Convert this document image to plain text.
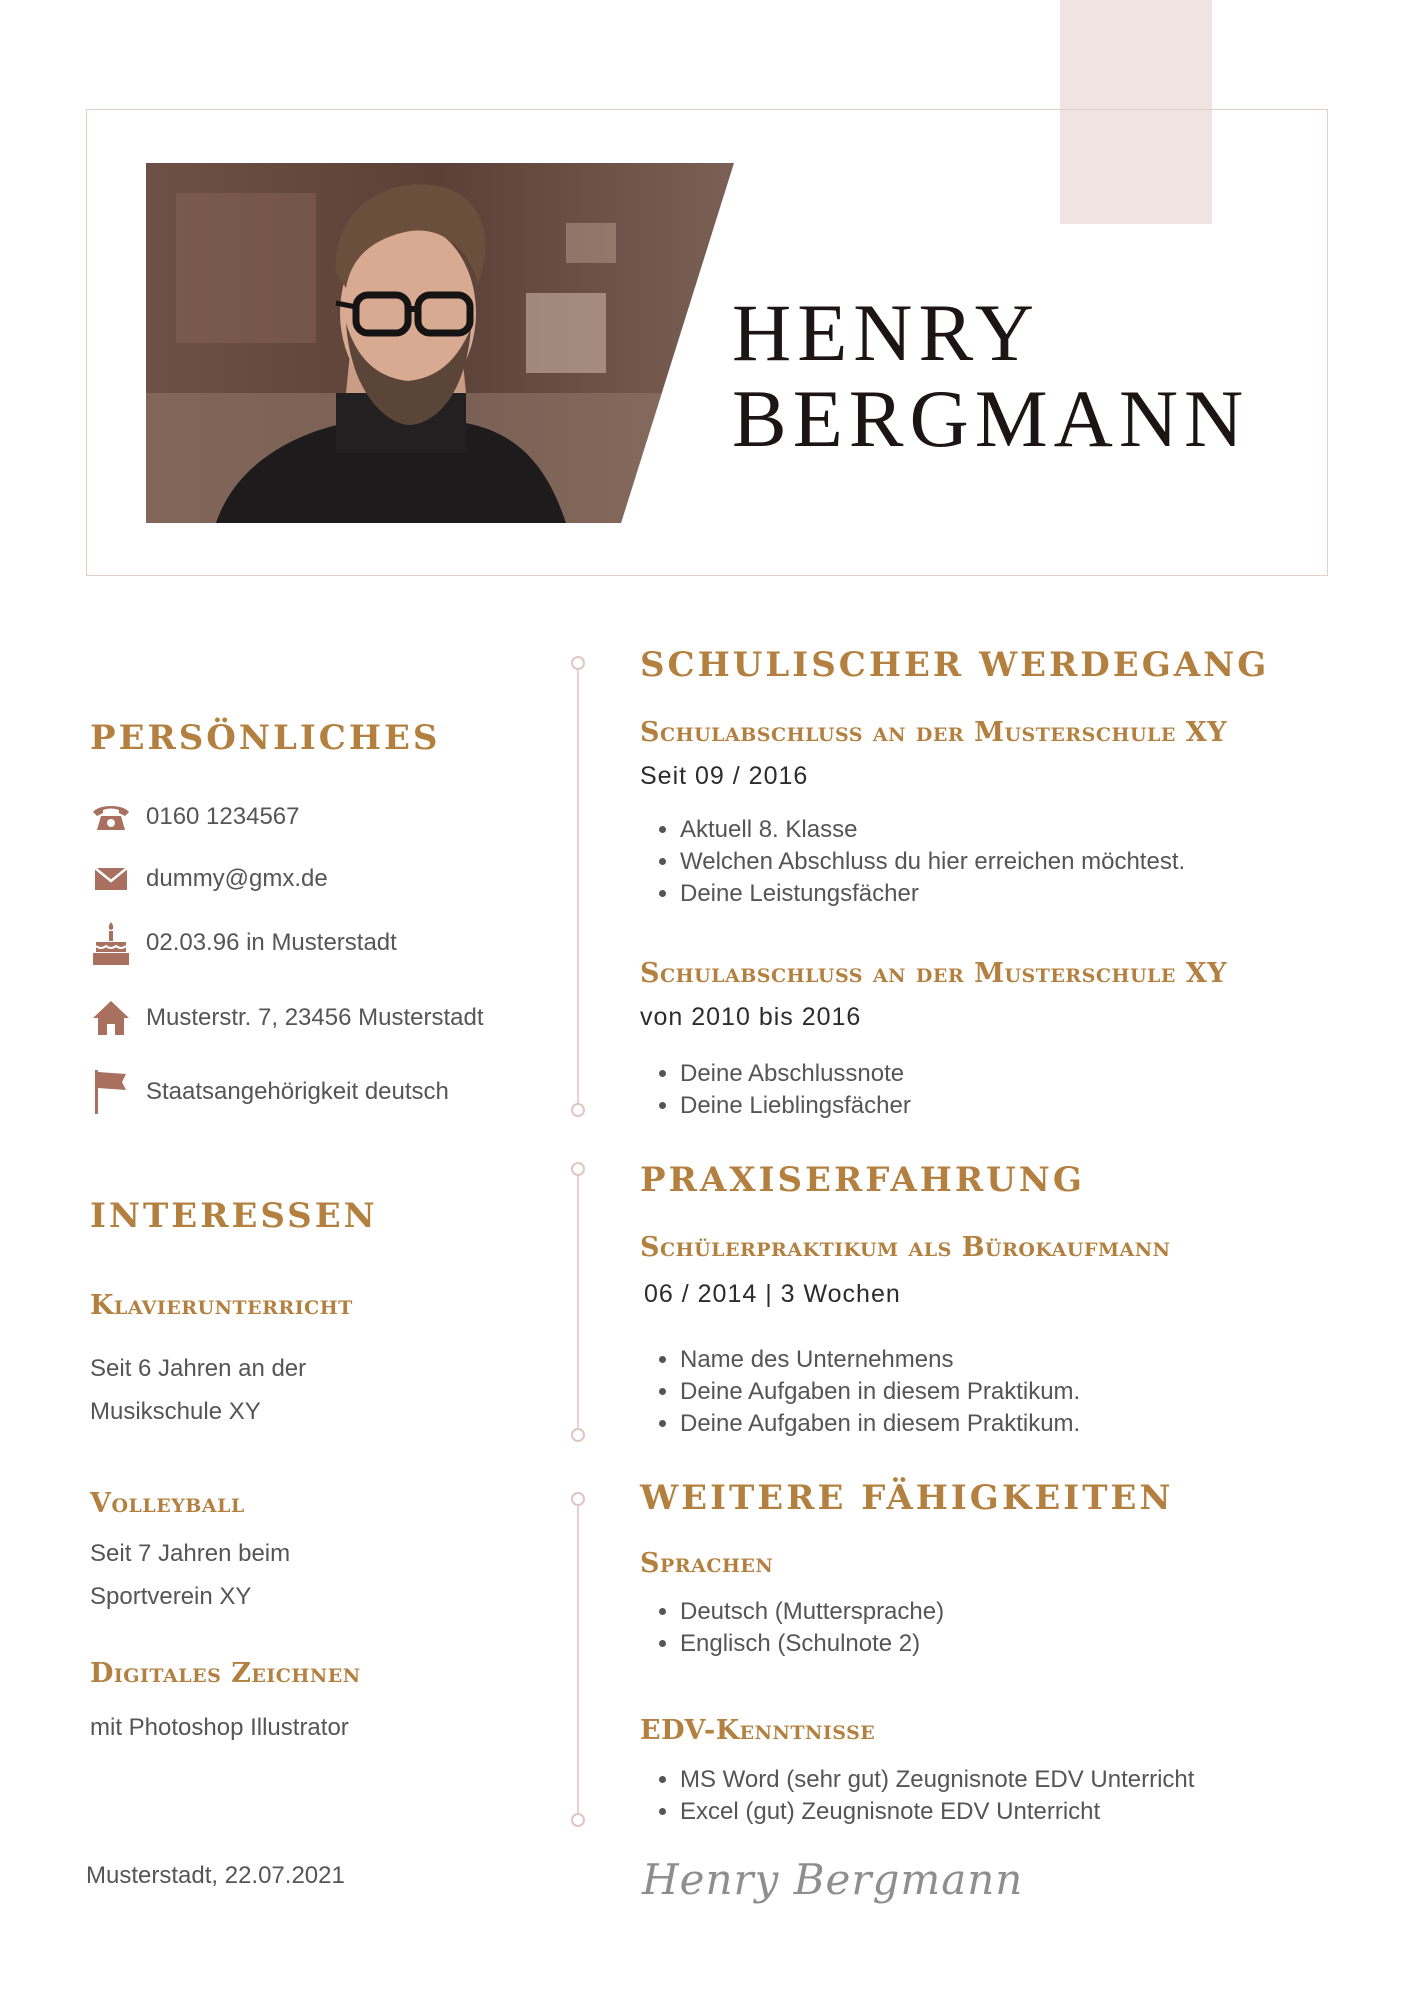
HENRY
BERGMANN
PERSÖNLICHES
0160 1234567
dummy@gmx.de
02.03.96 in Musterstadt
Musterstr. 7, 23456 Musterstadt
Staatsangehörigkeit deutsch
INTERESSEN
Klavierunterricht
Seit 6 Jahren an der
Musikschule XY
Volleyball
Seit 7 Jahren beim
Sportverein XY
Digitales Zeichnen
mit Photoshop Illustrator
SCHULISCHER WERDEGANG
Schulabschluss an der Musterschule XY
Seit 09 / 2016
• Aktuell 8. Klasse
• Welchen Abschluss du hier erreichen möchtest.
• Deine Leistungsfächer
Schulabschluss an der Musterschule XY
von 2010 bis 2016
• Deine Abschlussnote
• Deine Lieblingsfächer
PRAXISERFAHRUNG
Schülerpraktikum als Bürokaufmann
06 / 2014 | 3 Wochen
• Name des Unternehmens
• Deine Aufgaben in diesem Praktikum.
• Deine Aufgaben in diesem Praktikum.
WEITERE FÄHIGKEITEN
Sprachen
• Deutsch (Muttersprache)
• Englisch (Schulnote 2)
EDV-Kenntnisse
• MS Word (sehr gut) Zeugnisnote EDV Unterricht
• Excel (gut) Zeugnisnote EDV Unterricht
Musterstadt, 22.07.2021	Henry Bergmann
